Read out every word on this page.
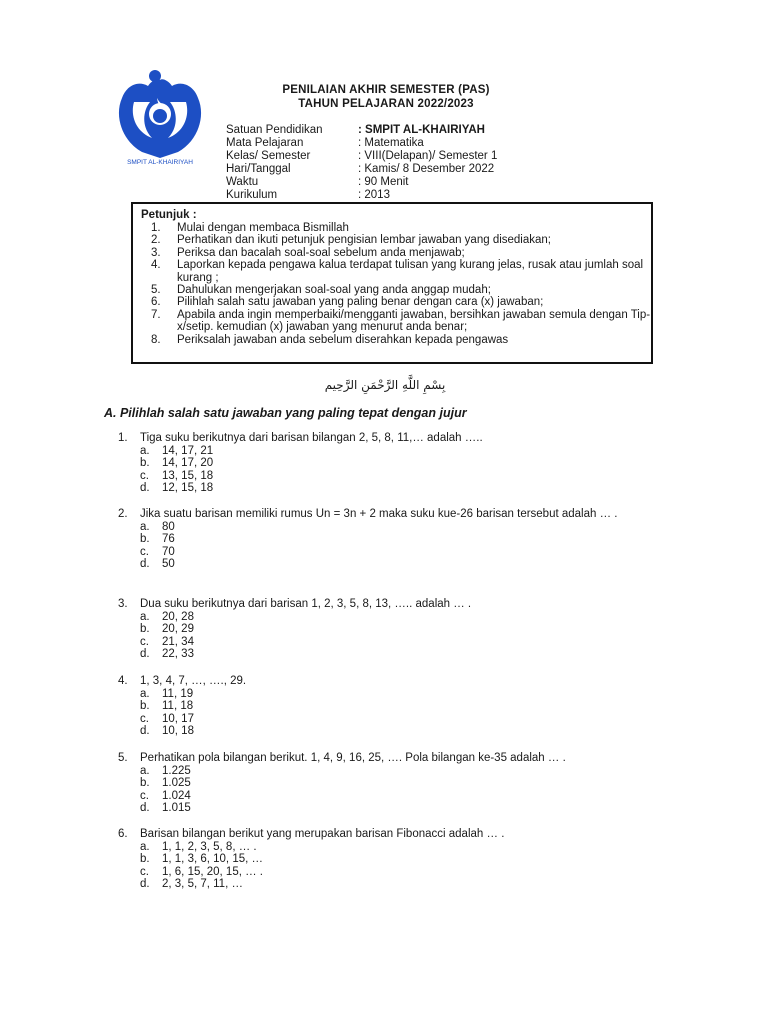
SMPIT AL-KHAIRIYAH
PENILAIAN AKHIR SEMESTER (PAS)
TAHUN PELAJARAN 2022/2023
Satuan Pendidikan	: SMPIT AL-KHAIRIYAH
Mata Pelajaran	: Matematika
Kelas/ Semester	: VIII(Delapan)/ Semester 1
Hari/Tanggal	: Kamis/ 8 Desember 2022
Waktu	: 90 Menit
Kurikulum	: 2013
Petunjuk :
1.	Mulai dengan membaca Bismillah
2.	Perhatikan dan ikuti petunjuk pengisian lembar jawaban yang disediakan;
3.	Periksa dan bacalah soal-soal sebelum anda menjawab;
4.	Laporkan kepada pengawa kalua terdapat tulisan yang kurang jelas, rusak atau jumlah soal kurang ;
5.	Dahulukan mengerjakan soal-soal yang anda anggap mudah;
6.	Pilihlah salah satu jawaban yang paling benar dengan cara (x) jawaban;
7.	Apabila anda ingin memperbaiki/mengganti jawaban, bersihkan jawaban semula dengan Tip-x/setip. kemudian (x) jawaban yang menurut anda benar;
8.	Periksalah jawaban anda sebelum diserahkan kepada pengawas
بِسْمِ اللَّهِ الرَّحْمَنِ الرَّحِيم
A. Pilihlah salah satu jawaban yang paling tepat dengan jujur
1.	Tiga suku berikutnya dari barisan bilangan 2, 5, 8, 11,… adalah …..
a.	14, 17, 21
b.	14, 17, 20
c.	13, 15, 18
d.	12, 15, 18
2.	Jika suatu barisan memiliki rumus Un = 3n + 2 maka suku kue-26 barisan tersebut adalah … .
a.	80
b.	76
c.	70
d.	50
3.	Dua suku berikutnya dari barisan 1, 2, 3, 5, 8, 13, ….. adalah … .
a.	20, 28
b.	20, 29
c.	21, 34
d.	22, 33
4.	1, 3, 4, 7, …, …., 29.
a.	11, 19
b.	11, 18
c.	10, 17
d.	10, 18
5.	Perhatikan pola bilangan berikut. 1, 4, 9, 16, 25, …. Pola bilangan ke-35 adalah … .
a.	1.225
b.	1.025
c.	1.024
d.	1.015
6.	Barisan bilangan berikut yang merupakan barisan Fibonacci adalah … .
a.	1, 1, 2, 3, 5, 8, … .
b.	1, 1, 3, 6, 10, 15, …
c.	1, 6, 15, 20, 15, … .
d.	2, 3, 5, 7, 11, …
